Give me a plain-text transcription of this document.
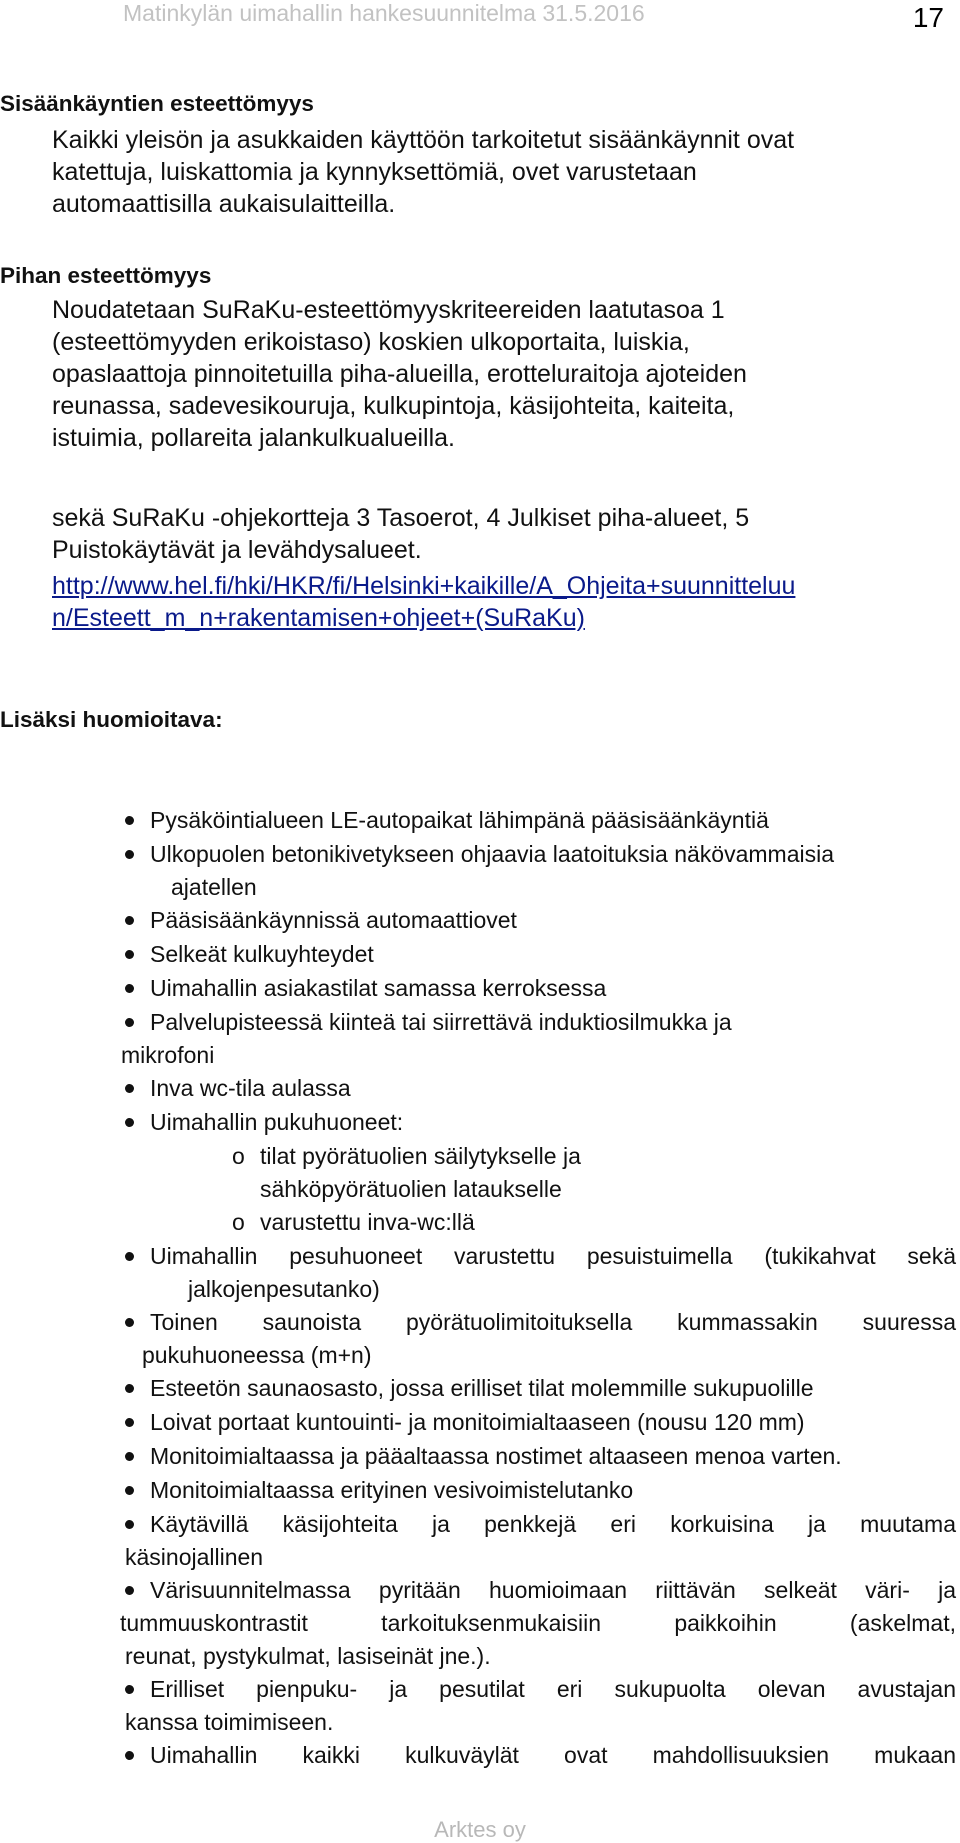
Matinkylän uimahallin hankesuunnitelma 31.5.2016	17
Sisäänkäyntien esteettömyys
Kaikki yleisön ja asukkaiden käyttöön tarkoitetut sisäänkäynnit ovat
katettuja, luiskattomia ja kynnyksettömiä, ovet varustetaan
automaattisilla aukaisulaitteilla.
Pihan esteettömyys
Noudatetaan SuRaKu-esteettömyyskriteereiden laatutasoa 1
(esteettömyyden erikoistaso) koskien ulkoportaita, luiskia,
opaslaattoja pinnoitetuilla piha-alueilla, erotteluraitoja ajoteiden
reunassa, sadevesikouruja, kulkupintoja, käsijohteita, kaiteita,
istuimia, pollareita jalankulkualueilla.
sekä SuRaKu -ohjekortteja 3 Tasoerot, 4 Julkiset piha-alueet, 5
Puistokäytävät ja levähdysalueet.
http://www.hel.fi/hki/HKR/fi/Helsinki+kaikille/A_Ohjeita+suunnitteluu
n/Esteett_m_n+rakentamisen+ohjeet+(SuRaKu)
Lisäksi huomioitava:
Pysäköintialueen LE-autopaikat lähimpänä pääsisäänkäyntiä
Ulkopuolen betonikivetykseen ohjaavia laatoituksia näkövammaisia
ajatellen
Pääsisäänkäynnissä automaattiovet
Selkeät kulkuyhteydet
Uimahallin asiakastilat samassa kerroksessa
Palvelupisteessä kiinteä tai siirrettävä induktiosilmukka ja
mikrofoni
Inva wc-tila aulassa
Uimahallin pukuhuoneet:
o tilat pyörätuolien säilytykselle ja
sähköpyörätuolien lataukselle
o varustettu inva-wc:llä
Uimahallin pesuhuoneet varustettu pesuistuimella (tukikahvat sekä
jalkojenpesutanko)
Toinen saunoista pyörätuolimitoituksella kummassakin suuressa
pukuhuoneessa (m+n)
Esteetön saunaosasto, jossa erilliset tilat molemmille sukupuolille
Loivat portaat kuntouinti- ja monitoimialtaaseen (nousu 120 mm)
Monitoimialtaassa ja pääaltaassa nostimet altaaseen menoa varten.
Monitoimialtaassa erityinen vesivoimistelutanko
Käytävillä käsijohteita ja penkkejä eri korkuisina ja muutama
käsinojallinen
Värisuunnitelmassa pyritään huomioimaan riittävän selkeät väri- ja
tummuuskontrastit tarkoituksenmukaisiin paikkoihin (askelmat,
reunat, pystykulmat, lasiseinät jne.).
Erilliset pienpuku- ja pesutilat eri sukupuolta olevan avustajan
kanssa toimimiseen.
Uimahallin kaikki kulkuväylät ovat mahdollisuuksien mukaan
Arktes oy
